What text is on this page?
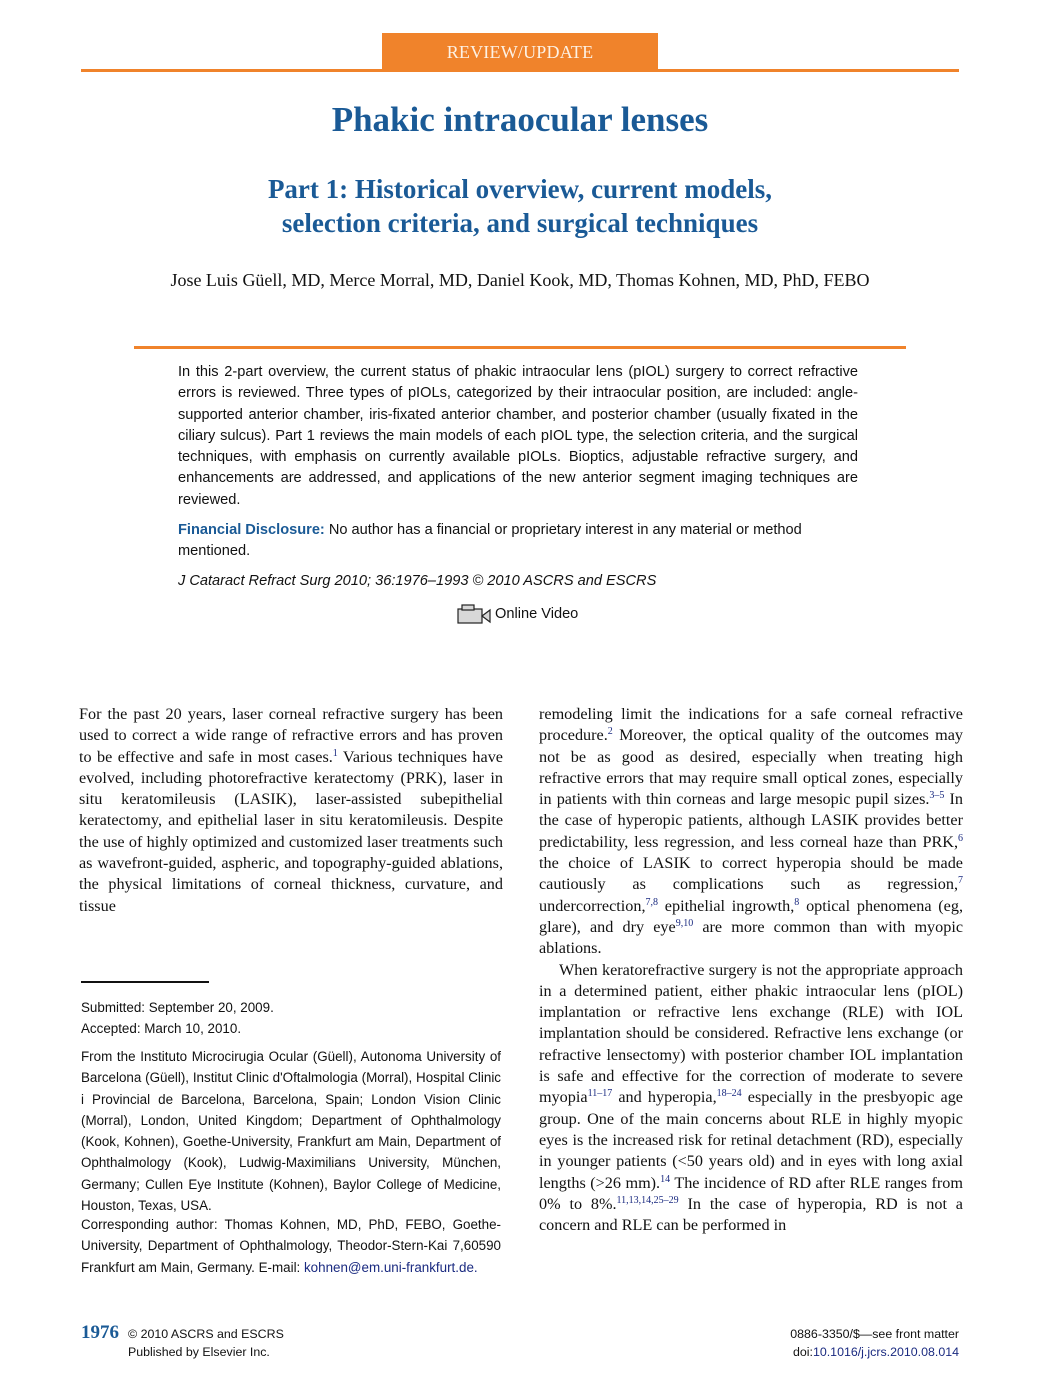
REVIEW/UPDATE
Phakic intraocular lenses
Part 1: Historical overview, current models,
selection criteria, and surgical techniques
Jose Luis Güell, MD, Merce Morral, MD, Daniel Kook, MD, Thomas Kohnen, MD, PhD, FEBO
In this 2-part overview, the current status of phakic intraocular lens (pIOL) surgery to correct refractive errors is reviewed. Three types of pIOLs, categorized by their intraocular position, are included: angle-supported anterior chamber, iris-fixated anterior chamber, and posterior chamber (usually fixated in the ciliary sulcus). Part 1 reviews the main models of each pIOL type, the selection criteria, and the surgical techniques, with emphasis on currently available pIOLs. Bioptics, adjustable refractive surgery, and enhancements are addressed, and applications of the new anterior segment imaging techniques are reviewed.
Financial Disclosure: No author has a financial or proprietary interest in any material or method mentioned.
J Cataract Refract Surg 2010; 36:1976–1993 © 2010 ASCRS and ESCRS
Online Video

For the past 20 years, laser corneal refractive surgery has been used to correct a wide range of refractive errors and has proven to be effective and safe in most cases.$^1$ Various techniques have evolved, including photorefractive keratectomy (PRK), laser in situ keratomileusis (LASIK), laser-assisted subepithelial keratectomy, and epithelial laser in situ keratomileusis. Despite the use of highly optimized and customized laser treatments such as wavefront-guided, aspheric, and topography-guided ablations, the physical limitations of corneal thickness, curvature, and tissue

Submitted: September 20, 2009.
Accepted: March 10, 2010.
From the Instituto Microcirugia Ocular (Güell), Autonoma University of Barcelona (Güell), Institut Clinic d'Oftalmologia (Morral), Hospital Clinic i Provincial de Barcelona, Barcelona, Spain; London Vision Clinic (Morral), London, United Kingdom; Department of Ophthalmology (Kook, Kohnen), Goethe-University, Frankfurt am Main, Department of Ophthalmology (Kook), Ludwig-Maximilians University, München, Germany; Cullen Eye Institute (Kohnen), Baylor College of Medicine, Houston, Texas, USA.
Corresponding author: Thomas Kohnen, MD, PhD, FEBO, Goethe-University, Department of Ophthalmology, Theodor-Stern-Kai 7,60590 Frankfurt am Main, Germany. E-mail: kohnen@em.uni-frankfurt.de.

remodeling limit the indications for a safe corneal refractive procedure.$^2$ Moreover, the optical quality of the outcomes may not be as good as desired, especially when treating high refractive errors that may require small optical zones, especially in patients with thin corneas and large mesopic pupil sizes.$^{3-5}$ In the case of hyperopic patients, although LASIK provides better predictability, less regression, and less corneal haze than PRK,$^6$ the choice of LASIK to correct hyperopia should be made cautiously as complications such as regression,$^7$ undercorrection,$^{7,8}$ epithelial ingrowth,$^8$ optical phenomena (eg, glare), and dry eye$^{9,10}$ are more common than with myopic ablations.

When keratorefractive surgery is not the appropriate approach in a determined patient, either phakic intraocular lens (pIOL) implantation or refractive lens exchange (RLE) with IOL implantation should be considered. Refractive lens exchange (or refractive lensectomy) with posterior chamber IOL implantation is safe and effective for the correction of moderate to severe myopia$^{11-17}$ and hyperopia,$^{18-24}$ especially in the presbyopic age group. One of the main concerns about RLE in highly myopic eyes is the increased risk for retinal detachment (RD), especially in younger patients (<50 years old) and in eyes with long axial lengths (>26 mm).$^{14}$ The incidence of RD after RLE ranges from 0% to 8%.$^{11,13,14,25-29}$ In the case of hyperopia, RD is not a concern and RLE can be performed in

1976 © 2010 ASCRS and ESCRS
Published by Elsevier Inc.
0886-3350/$—see front matter
doi:10.1016/j.jcrs.2010.08.014
